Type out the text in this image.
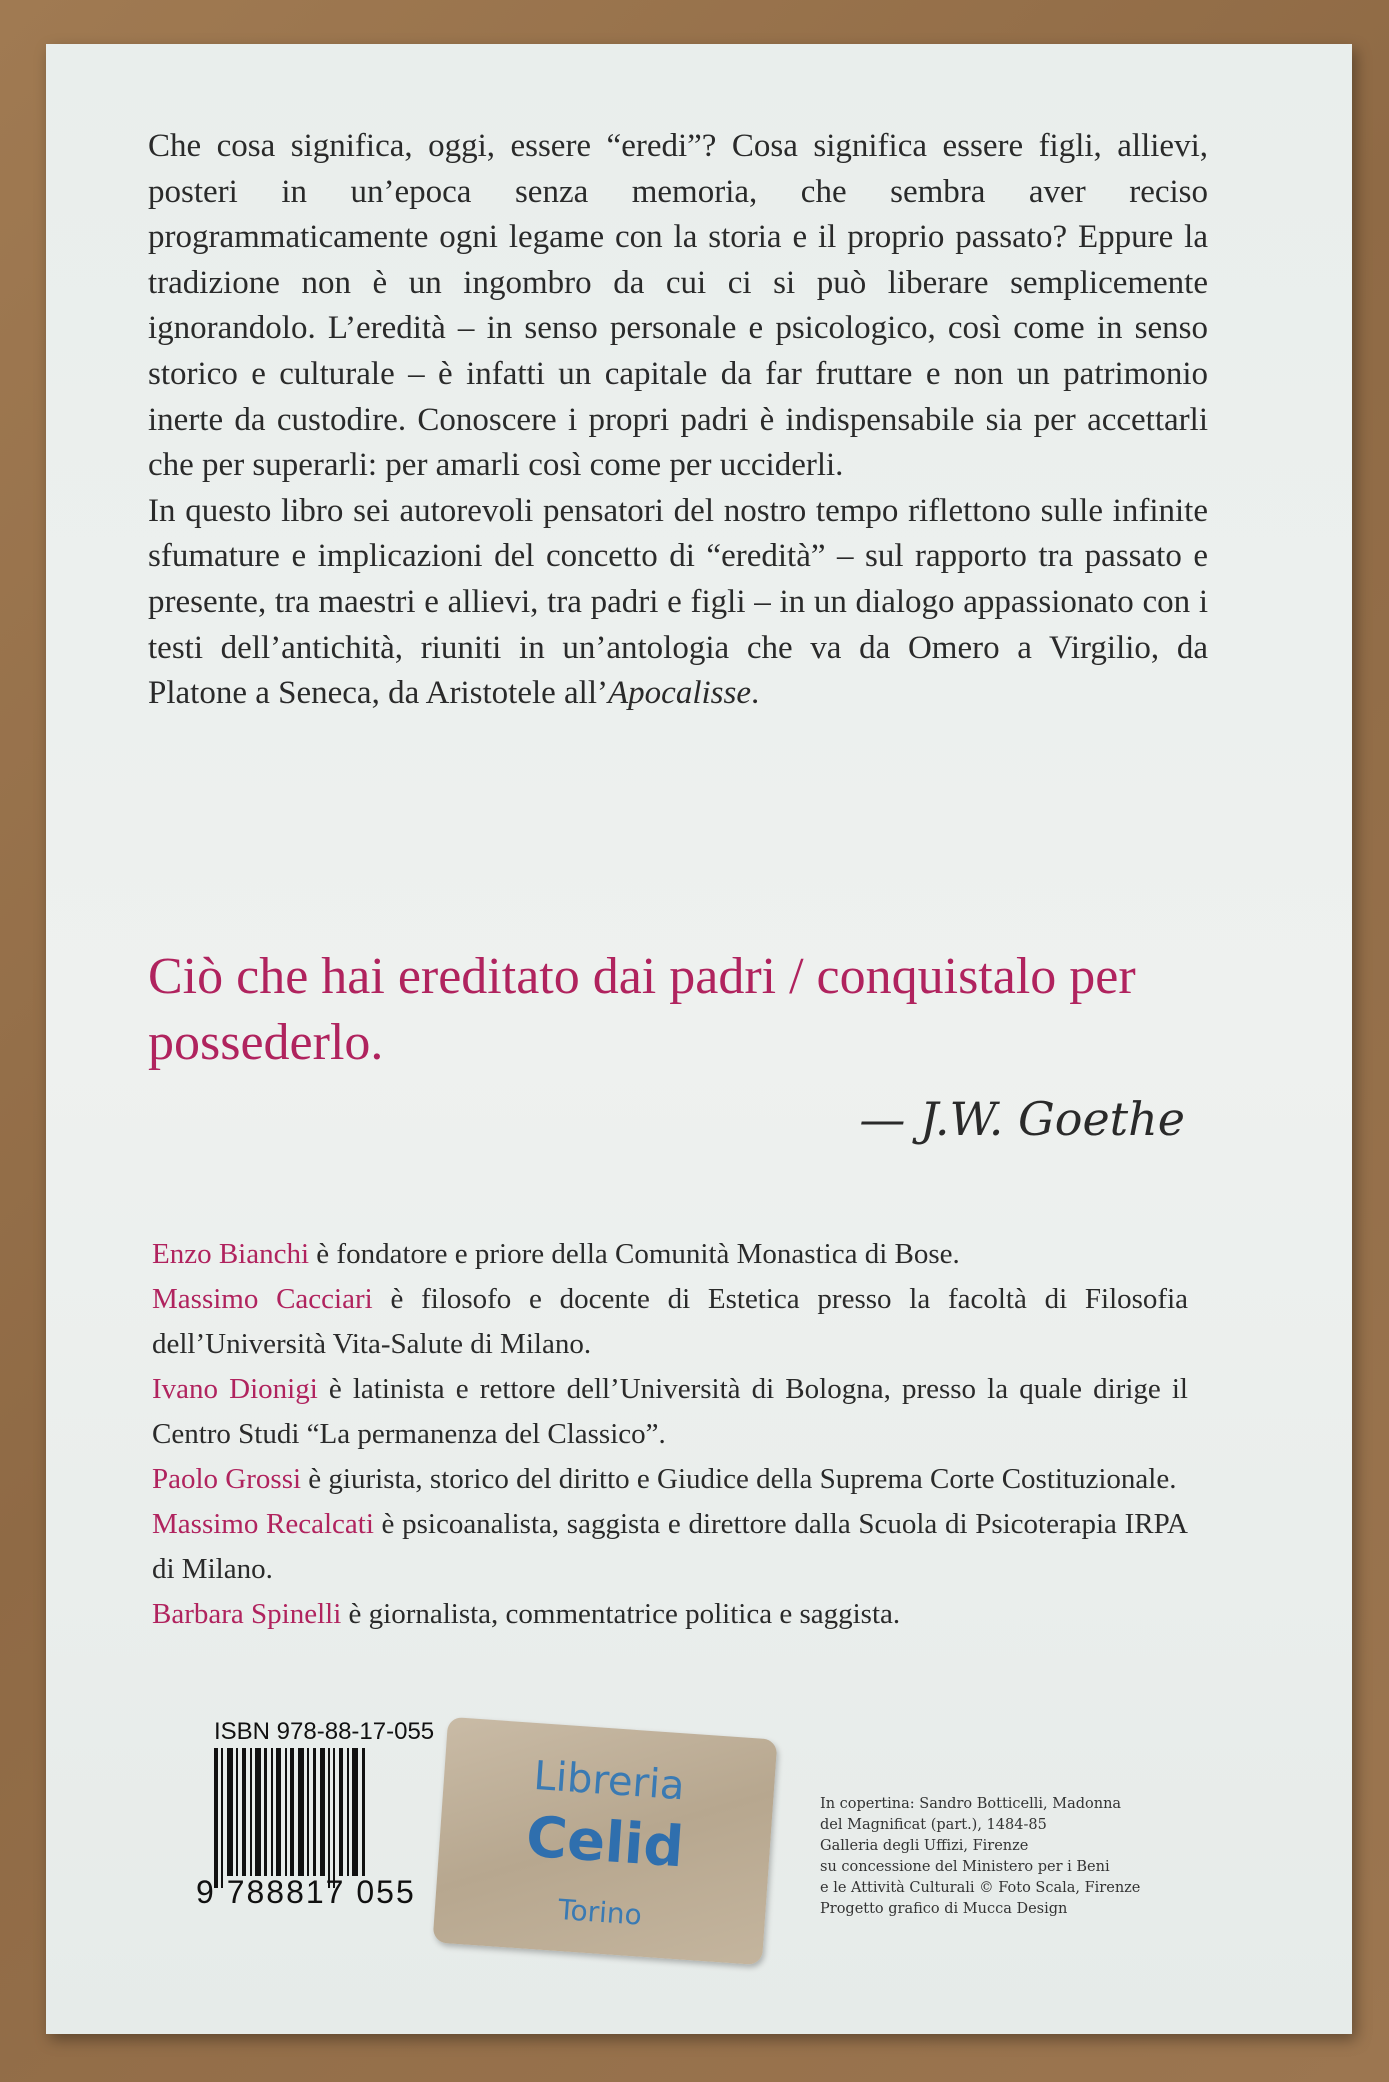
Che cosa significa, oggi, essere “eredi”? Cosa significa essere figli, allievi, posteri in un’epoca senza memoria, che sembra aver reciso programmaticamente ogni legame con la storia e il proprio passato? Eppure la tradizione non è un ingombro da cui ci si può liberare semplicemente ignorandolo. L’eredità – in senso personale e psicologico, così come in senso storico e culturale – è infatti un capitale da far fruttare e non un patrimonio inerte da custodire. Conoscere i propri padri è indispensabile sia per accettarli che per superarli: per amarli così come per ucciderli.

In questo libro sei autorevoli pensatori del nostro tempo riflettono sulle infinite sfumature e implicazioni del concetto di “eredità” – sul rapporto tra passato e presente, tra maestri e allievi, tra padri e figli – in un dialogo appassionato con i testi dell’antichità, riuniti in un’antologia che va da Omero a Virgilio, da Platone a Seneca, da Aristotele all’Apocalisse.

Ciò che hai ereditato dai padri / conquistalo per possederlo.
— J.W. Goethe
Enzo Bianchi è fondatore e priore della Comunità Monastica di Bose.
Massimo Cacciari è filosofo e docente di Estetica presso la facoltà di Filosofia dell’Università Vita-Salute di Milano.
Ivano Dionigi è latinista e rettore dell’Università di Bologna, presso la quale dirige il Centro Studi “La permanenza del Classico”.
Paolo Grossi è giurista, storico del diritto e Giudice della Suprema Corte Costituzionale.
Massimo Recalcati è psicoanalista, saggista e direttore dalla Scuola di Psicoterapia IRPA di Milano.
Barbara Spinelli è giornalista, commentatrice politica e saggista.
ISBN 978-88-17-055
9 788817 055
Libreria
Celid
Torino
In copertina: Sandro Botticelli, Madonna
del Magnificat (part.), 1484-85
Galleria degli Uffizi, Firenze
su concessione del Ministero per i Beni
e le Attività Culturali © Foto Scala, Firenze
Progetto grafico di Mucca Design
